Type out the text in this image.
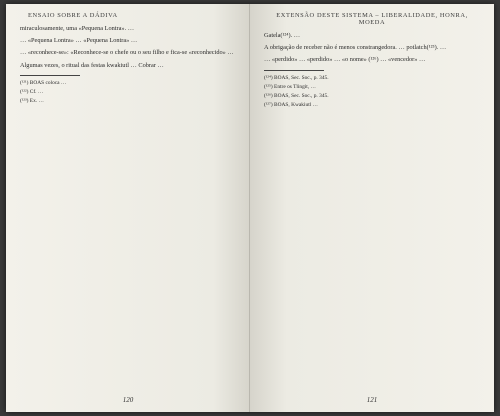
ENSAIO SOBRE A DÁDIVA

miraculosamente, uma «Pequena Lontra». …

… «Pequena Lontra» … «Pequena Lontra» …

… «reconhece-se»: «Reconhece-se o chefe ou o seu filho e fica-se «reconhecido» …

Algumas vezes, o ritual das festas kwakiutl … Cobrar …

(¹²¹) BOAS coloca …

(¹²²) Cf. …

(¹²³) Ex. …

120
EXTENSÃO DESTE SISTEMA – LIBERALIDADE, HONRA, MOEDA

Gatela(¹²⁴). …

A obrigação de receber não é menos constrangedora. … potlatch(¹²⁵). …

… «perdido» … «perdido» … «o nome» (¹²⁶) … «vencedor» …

(¹²⁴) BOAS, Sec. Soc., p. 345.

(¹²⁵) Entre os Tlingit, …

(¹²⁶) BOAS, Sec. Soc., p. 345.

(¹²⁷) BOAS, Kwakiutl …

121
